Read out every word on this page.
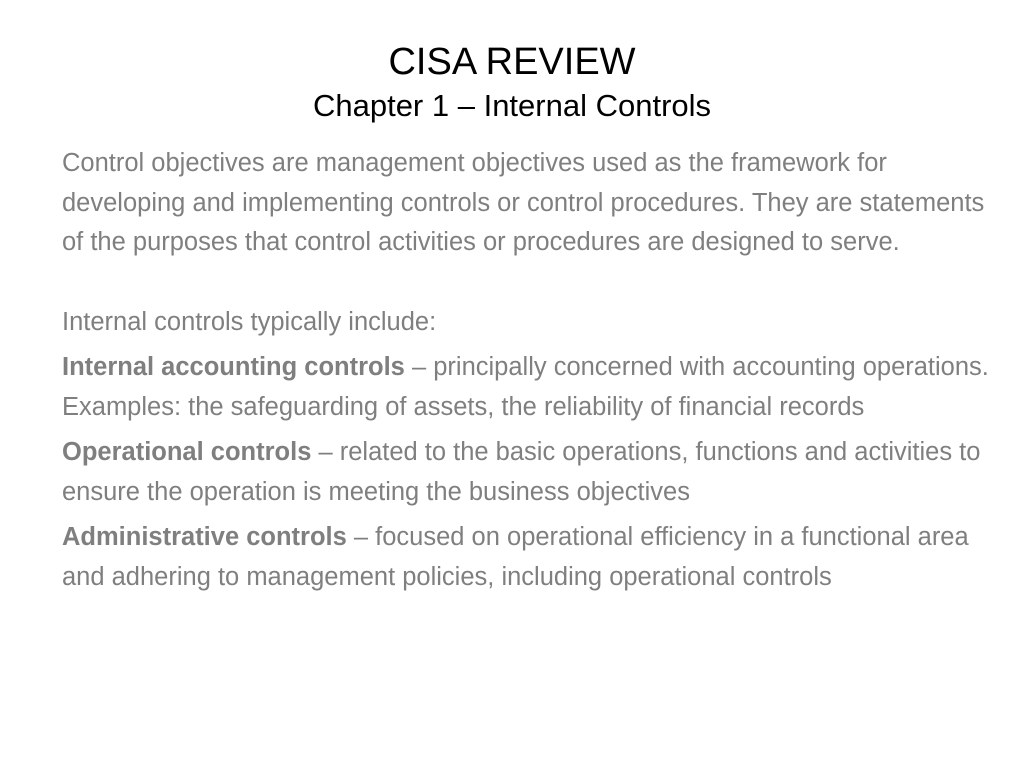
CISA REVIEW
Chapter 1 – Internal Controls

Control objectives are management objectives used as the framework for developing and implementing controls or control procedures. They are statements of the purposes that control activities or procedures are designed to serve.

Internal controls typically include:

Internal accounting controls – principally concerned with accounting operations. Examples: the safeguarding of assets, the reliability of financial records

Operational controls – related to the basic operations, functions and activities to ensure the operation is meeting the business objectives

Administrative controls – focused on operational efficiency in a functional area and adhering to management policies, including operational controls
